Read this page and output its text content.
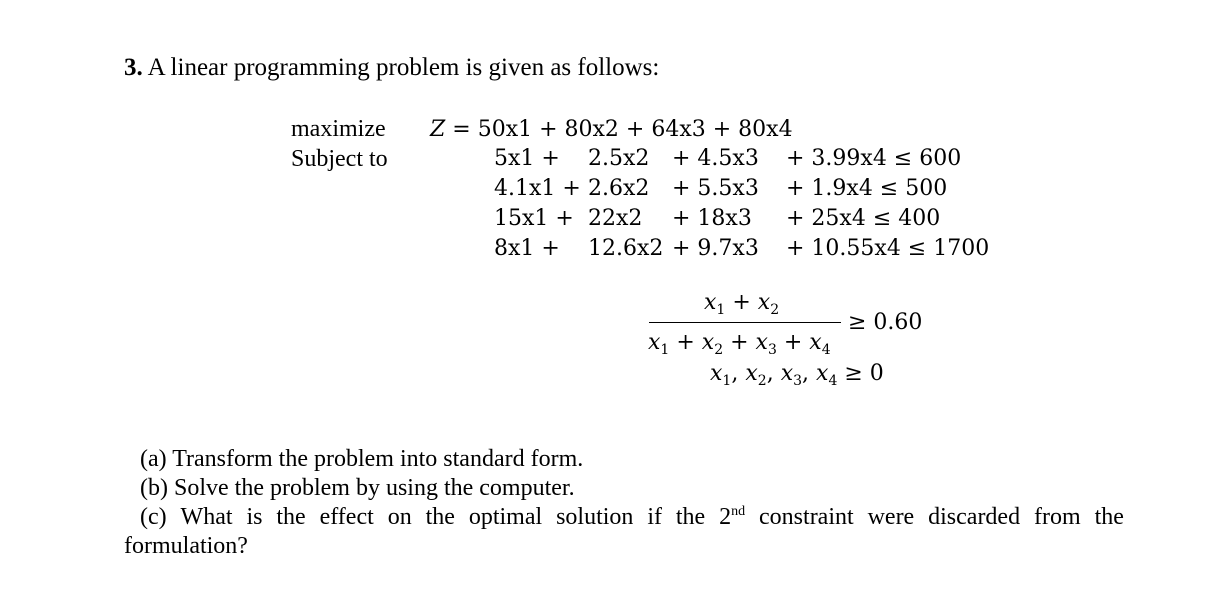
3. A linear programming problem is given as follows:
maximize
Subject to
Z = 50x1 + 80x2 + 64x3 + 80x4
5x1 + 2.5x2 + 4.5x3 + 3.99x4 ≤ 600
4.1x1 + 2.6x2 + 5.5x3 + 1.9x4 ≤ 500
15x1 + 22x2 + 18x3 + 25x4 ≤ 400
8x1 + 12.6x2 + 9.7x3 + 10.55x4 ≤ 1700
$x_1 + x_2$
$x_1 + x_2 + x_3 + x_4$
≥ 0.60
$x_1$, $x_2$, $x_3$, $x_4 \ge 0$
(a) Transform the problem into standard form.
(b) Solve the problem by using the computer.
(c) What is the effect on the optimal solution if the 2nd constraint were discarded from the
formulation?
